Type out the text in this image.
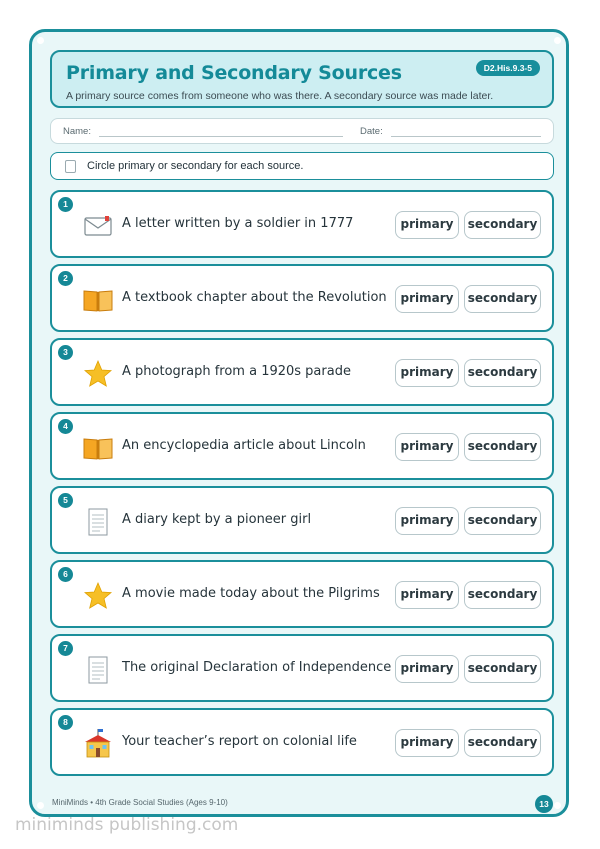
Primary and Secondary Sources
A primary source comes from someone who was there. A secondary source was made later.
D2.His.9.3-5
Name:	Date:
Circle primary or secondary for each source.
1
A letter written by a soldier in 1777	primary	secondary
2
A textbook chapter about the Revolution	primary	secondary
3
A photograph from a 1920s parade	primary	secondary
4
An encyclopedia article about Lincoln	primary	secondary
5
A diary kept by a pioneer girl	primary	secondary
6
A movie made today about the Pilgrims	primary	secondary
7
The original Declaration of Independence primary	secondary
8
Your teacher’s report on colonial life	primary	secondary
MiniMinds • 4th Grade Social Studies (Ages 9-10)	13
miniminds publishing.com
